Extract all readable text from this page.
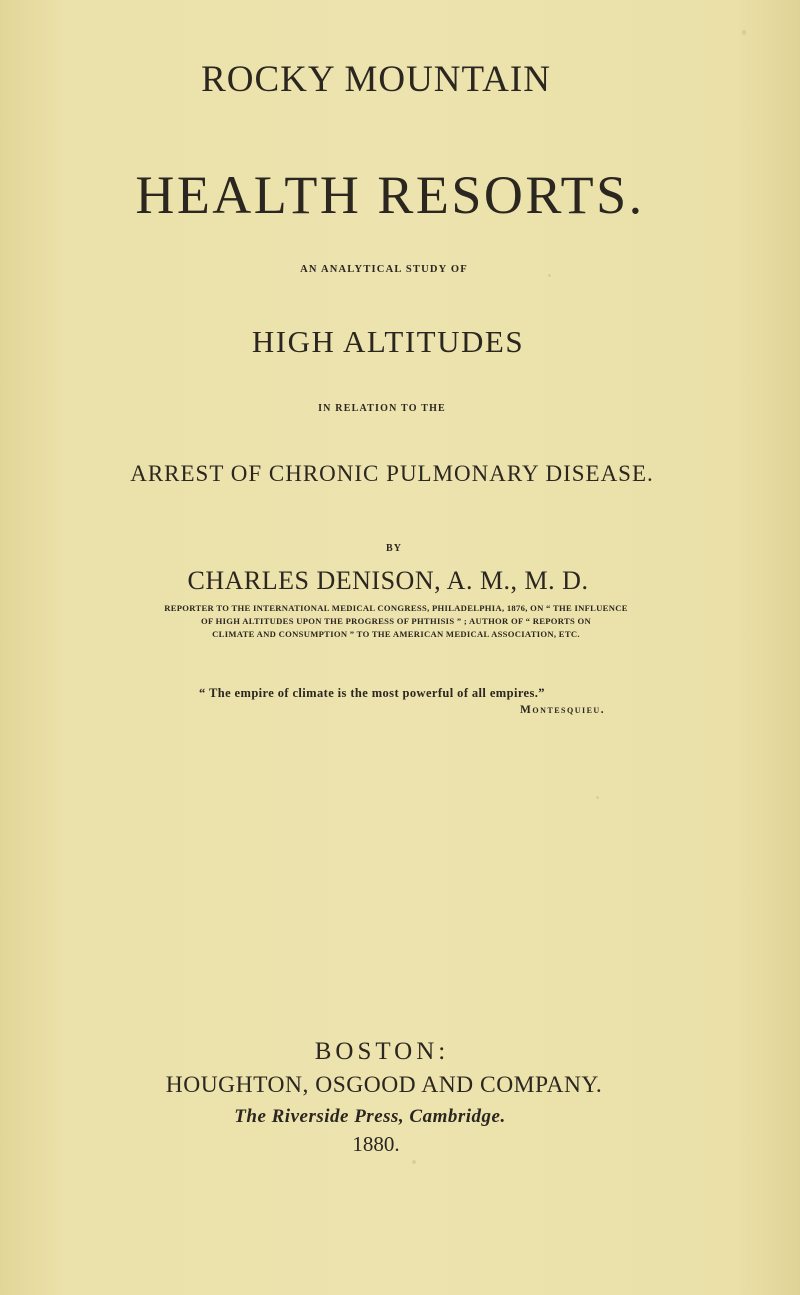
ROCKY MOUNTAIN

HEALTH RESORTS.

AN ANALYTICAL STUDY OF

HIGH ALTITUDES

IN RELATION TO THE

ARREST OF CHRONIC PULMONARY DISEASE.

BY

CHARLES DENISON, A. M., M. D.

REPORTER TO THE INTERNATIONAL MEDICAL CONGRESS, PHILADELPHIA, 1876, ON “ THE INFLUENCE
OF HIGH ALTITUDES UPON THE PROGRESS OF PHTHISIS ” ; AUTHOR OF “ REPORTS ON
CLIMATE AND CONSUMPTION ” TO THE AMERICAN MEDICAL ASSOCIATION, ETC.

“ The empire of climate is the most powerful of all empires.”

Montesquieu.

BOSTON:

HOUGHTON, OSGOOD AND COMPANY.

The Riverside Press, Cambridge.

1880.
